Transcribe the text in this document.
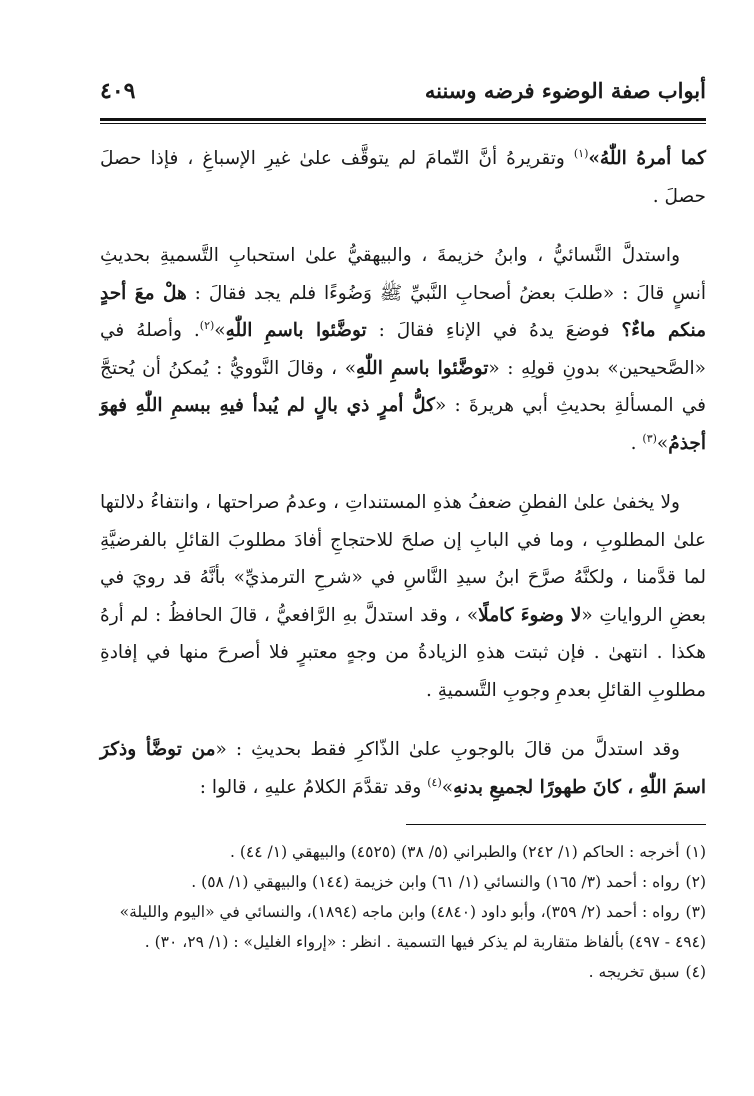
أبواب صفة الوضوء فرضه وسننه
٤٠٩

كما أمرهُ اللّٰهُ»$^{(١)}$ وتقريرهُ أنَّ التّمامَ لم يتوقَّف علىٰ غيرِ الإسباغِ ، فإذا حصلَ حصلَ .

واستدلَّ النَّسائيُّ ، وابنُ خزيمةَ ، والبيهقيُّ علىٰ استحبابِ التَّسميةِ بحديثِ أنسٍ قالَ : «طلبَ بعضُ أصحابِ النَّبيِّ ﷺ وَضُوءًا فلم يجد فقالَ : هلْ معَ أحدٍ منكم ماءٌ؟ فوضعَ يدهُ في الإناءِ فقالَ : توضَّئوا باسمِ اللّٰهِ»$^{(٢)}$. وأصلهُ في «الصَّحيحين» بدونِ قولِهِ : «توضَّئوا باسمِ اللّٰهِ» ، وقالَ النَّوويُّ : يُمكنُ أن يُحتجَّ في المسألةِ بحديثِ أبي هريرةَ : «كلُّ أمرٍ ذي بالٍ لم يُبدأ فيهِ ببسمِ اللّٰهِ فهوَ أجذمُ»$^{(٣)}$ .

ولا يخفىٰ علىٰ الفطنِ ضعفُ هذهِ المستنداتِ ، وعدمُ صراحتها ، وانتفاءُ دلالتها علىٰ المطلوبِ ، وما في البابِ إن صلحَ للاحتجاجِ أفادَ مطلوبَ القائلِ بالفرضيَّةِ لما قدَّمنا ، ولكنَّهُ صرَّحَ ابنُ سيدِ النَّاسِ في «شرحِ الترمذيِّ» بأنَّهُ قد رويَ في بعضِ الرواياتِ «لا وضوءَ كاملًا» ، وقد استدلَّ بهِ الرَّافعيُّ ، قالَ الحافظُ : لم أرهُ هكذا . انتهىٰ . فإن ثبتت هذهِ الزيادةُ من وجهٍ معتبرٍ فلا أصرحَ منها في إفادةِ مطلوبِ القائلِ بعدمِ وجوبِ التَّسميةِ .

وقد استدلَّ من قالَ بالوجوبِ علىٰ الذّاكرِ فقط بحديثِ : «من توضَّأ وذكرَ اسمَ اللّٰهِ ، كانَ طهورًا لجميعِ بدنهِ»$^{(٤)}$ وقد تقدَّمَ الكلامُ عليهِ ، قالوا :

(١)أخرجه : الحاكم (١/ ٢٤٢) والطبراني (٥/ ٣٨) (٤٥٢٥) والبيهقي (١/ ٤٤) .

(٢)رواه : أحمد (٣/ ١٦٥) والنسائي (١/ ٦١) وابن خزيمة (١٤٤) والبيهقي (١/ ٥٨) .

(٣)رواه : أحمد (٢/ ٣٥٩)، وأبو داود (٤٨٤٠) وابن ماجه (١٨٩٤)، والنسائي في «اليوم والليلة» (٤٩٤ - ٤٩٧) بألفاظ متقاربة لم يذكر فيها التسمية . انظر : «إرواء الغليل» : (١/ ٢٩، ٣٠) .

(٤)سبق تخريجه .
